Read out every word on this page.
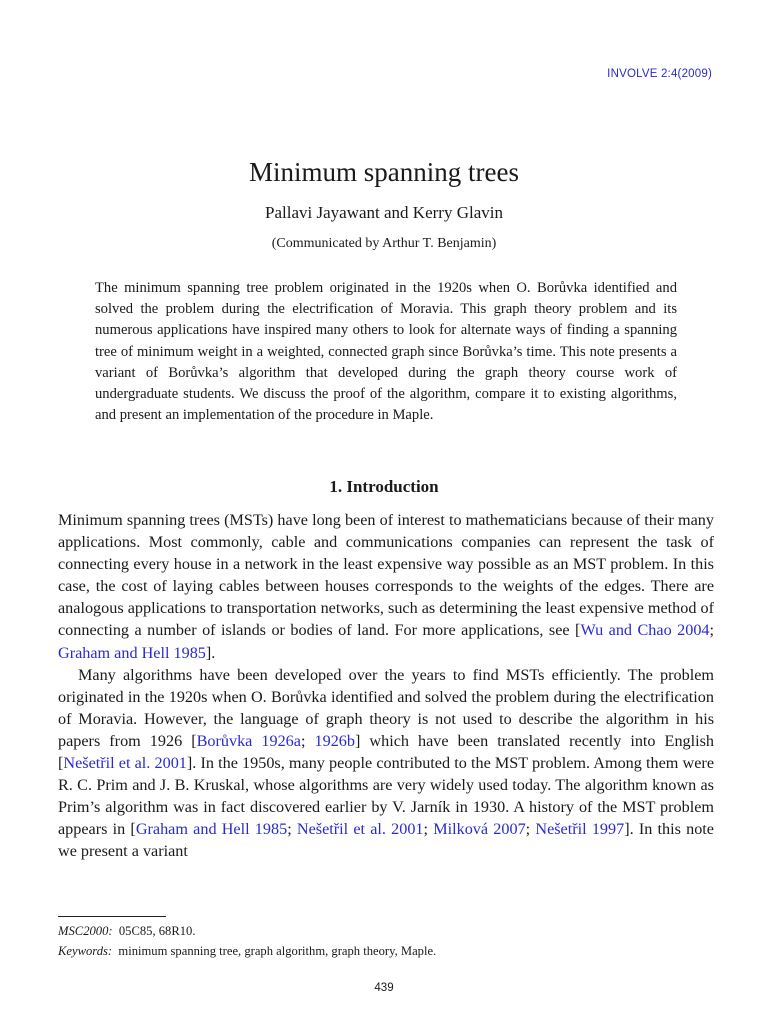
INVOLVE 2:4(2009)
Minimum spanning trees
Pallavi Jayawant and Kerry Glavin
(Communicated by Arthur T. Benjamin)
The minimum spanning tree problem originated in the 1920s when O. Borůvka identified and solved the problem during the electrification of Moravia. This graph theory problem and its numerous applications have inspired many others to look for alternate ways of finding a spanning tree of minimum weight in a weighted, connected graph since Borůvka’s time. This note presents a variant of Borůvka’s algorithm that developed during the graph theory course work of undergraduate students. We discuss the proof of the algorithm, compare it to existing algorithms, and present an implementation of the procedure in Maple.
1. Introduction

Minimum spanning trees (MSTs) have long been of interest to mathematicians because of their many applications. Most commonly, cable and communications companies can represent the task of connecting every house in a network in the least expensive way possible as an MST problem. In this case, the cost of laying cables between houses corresponds to the weights of the edges. There are analogous applications to transportation networks, such as determining the least expensive method of connecting a number of islands or bodies of land. For more applications, see [Wu and Chao 2004; Graham and Hell 1985].

Many algorithms have been developed over the years to find MSTs efficiently. The problem originated in the 1920s when O. Borůvka identified and solved the problem during the electrification of Moravia. However, the language of graph theory is not used to describe the algorithm in his papers from 1926 [Borůvka 1926a; 1926b] which have been translated recently into English [Nešetřil et al. 2001]. In the 1950s, many people contributed to the MST problem. Among them were R. C. Prim and J. B. Kruskal, whose algorithms are very widely used today. The algorithm known as Prim’s algorithm was in fact discovered earlier by V. Jarník in 1930. A history of the MST problem appears in [Graham and Hell 1985; Nešetřil et al. 2001; Milková 2007; Nešetřil 1997]. In this note we present a variant

MSC2000: 05C85, 68R10.
Keywords: minimum spanning tree, graph algorithm, graph theory, Maple.
439
